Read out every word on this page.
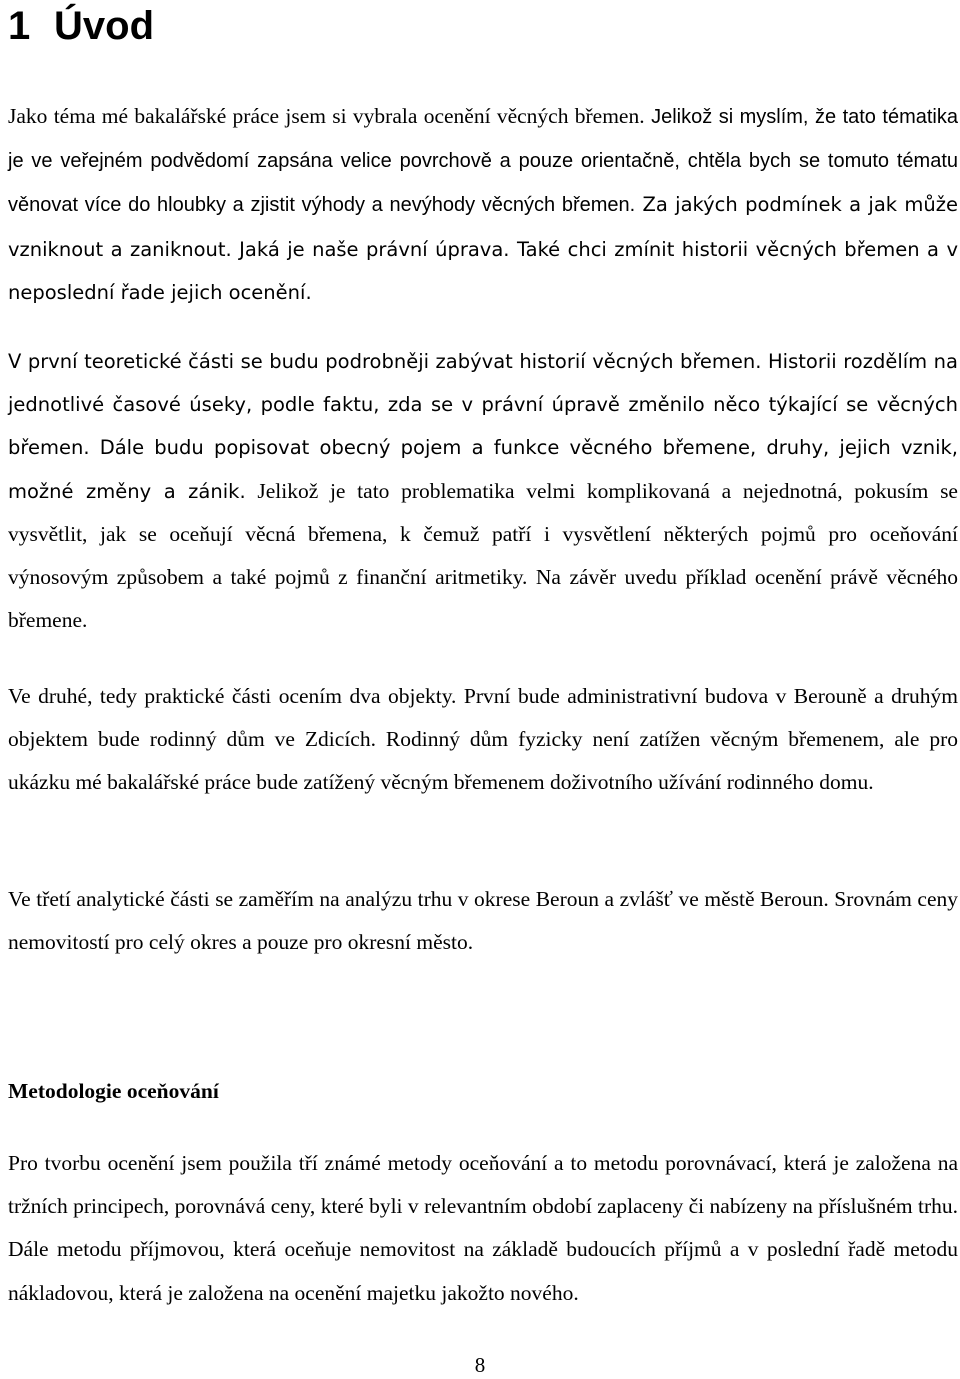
1 Úvod

Jako téma mé bakalářské práce jsem si vybrala ocenění věcných břemen. Jelikož si myslím, že tato tématika je ve veřejném podvědomí zapsána velice povrchově a pouze orientačně, chtěla bych se tomuto tématu věnovat více do hloubky a zjistit výhody a nevýhody věcných břemen. Za jakých podmínek a jak může vzniknout a zaniknout. Jaká je naše právní úprava. Také chci zmínit historii věcných břemen a v neposlední řade jejich ocenění.

V první teoretické části se budu podrobněji zabývat historií věcných břemen. Historii rozdělím na jednotlivé časové úseky, podle faktu, zda se v právní úpravě změnilo něco týkající se věcných břemen. Dále budu popisovat obecný pojem a funkce věcného břemene, druhy, jejich vznik, možné změny a zánik. Jelikož je tato problematika velmi komplikovaná a nejednotná, pokusím se vysvětlit, jak se oceňují věcná břemena, k čemuž patří i vysvětlení některých pojmů pro oceňování výnosovým způsobem a také pojmů z finanční aritmetiky. Na závěr uvedu příklad ocenění právě věcného břemene.

Ve druhé, tedy praktické části ocením dva objekty. První bude administrativní budova v Berouně a druhým objektem bude rodinný dům ve Zdicích. Rodinný dům fyzicky není zatížen věcným břemenem, ale pro ukázku mé bakalářské práce bude zatížený věcným břemenem doživotního užívání rodinného domu.

Ve třetí analytické části se zaměřím na analýzu trhu v okrese Beroun a zvlášť ve městě Beroun. Srovnám ceny nemovitostí pro celý okres a pouze pro okresní město.

Metodologie oceňování

Pro tvorbu ocenění jsem použila tří známé metody oceňování a to metodu porovnávací, která je založena na tržních principech, porovnává ceny, které byli v relevantním období zaplaceny či nabízeny na příslušném trhu. Dále metodu příjmovou, která oceňuje nemovitost na základě budoucích příjmů a v poslední řadě metodu nákladovou, která je založena na ocenění majetku jakožto nového.

8
